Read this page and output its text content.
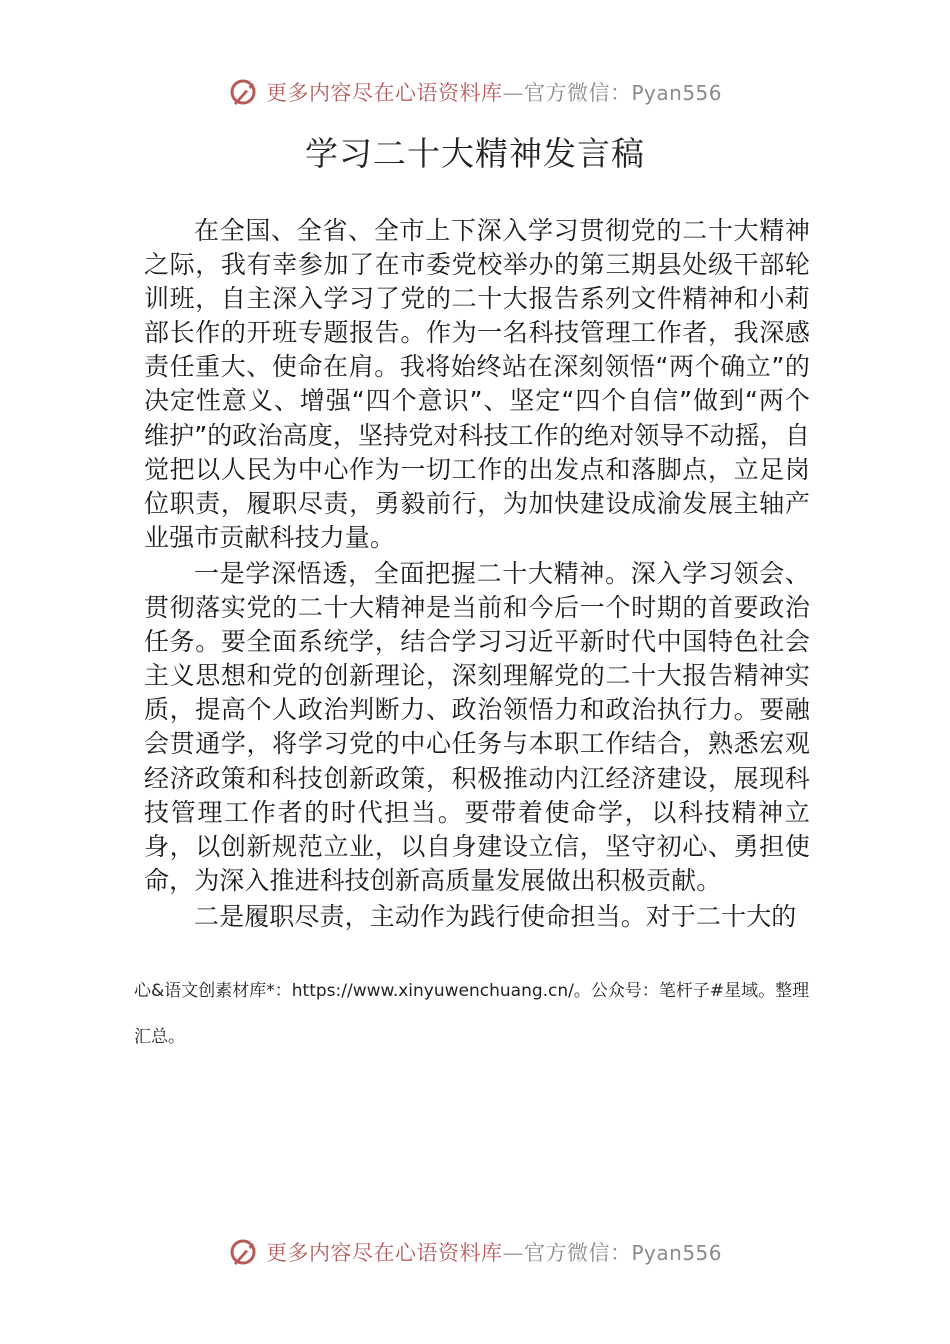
更多内容尽在心语资料库—官方微信：Pyan556
学习二十大精神发言稿

在全国、全省、全市上下深入学习贯彻党的二十大精神之际，我有幸参加了在市委党校举办的第三期县处级干部轮训班，自主深入学习了党的二十大报告系列文件精神和小莉部长作的开班专题报告。作为一名科技管理工作者，我深感责任重大、使命在肩。我将始终站在深刻领悟“两个确立”的决定性意义、增强“四个意识”、坚定“四个自信”做到“两个维护”的政治高度，坚持党对科技工作的绝对领导不动摇，自觉把以人民为中心作为一切工作的出发点和落脚点，立足岗位职责，履职尽责，勇毅前行，为加快建设成渝发展主轴产业强市贡献科技力量。

一是学深悟透，全面把握二十大精神。深入学习领会、贯彻落实党的二十大精神是当前和今后一个时期的首要政治任务。要全面系统学，结合学习习近平新时代中国特色社会主义思想和党的创新理论，深刻理解党的二十大报告精神实质，提高个人政治判断力、政治领悟力和政治执行力。要融会贯通学，将学习党的中心任务与本职工作结合，熟悉宏观经济政策和科技创新政策，积极推动内江经济建设，展现科技管理工作者的时代担当。要带着使命学，以科技精神立身，以创新规范立业，以自身建设立信，坚守初心、勇担使命，为深入推进科技创新高质量发展做出积极贡献。

二是履职尽责，主动作为践行使命担当。对于二十大的

心&语文创素材库*：https://www.xinyuwenchuang.cn/。公众号：笔杆子#星域。整理汇总。

更多内容尽在心语资料库—官方微信：Pyan556
